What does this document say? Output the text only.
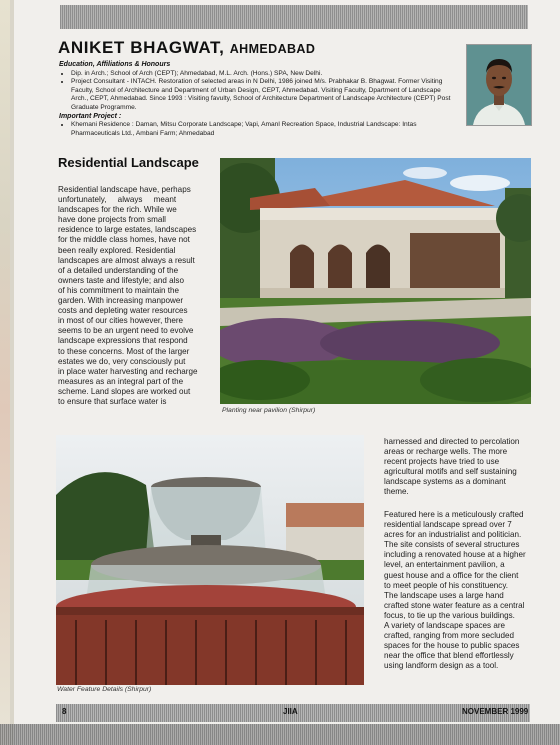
ANIKET BHAGWAT, AHMEDABAD
Education, Affiliations & Honours
• Dip. in Arch.; School of Arch (CEPT); Ahmedabad, M.L. Arch. (Hons.) SPA, New Delhi.
• Project Consultant - INTACH. Restoration of selected areas in N Delhi, 1986 joined M/s. Prabhakar B. Bhagwat. Former Visiting Faculty, School of Architecture and Department of Urban Design, CEPT, Ahmedabad. Visiting Faculty, Dpartment of Landscape Arch., CEPT, Ahmedabad. Since 1993 : Visiting favulty, School of Architecture Department of Landscape Architecture (CEPT) Post Graduate Programme.
Important Project :
• Khemani Residence : Daman, Mitsu Corporate Landscape; Vapi, Amanl Recreation Space, Industrial Landscape: Intas Pharmaceuticals Ltd., Ambani Farm; Ahmedabad
Residential Landscape
Residential landscape have, perhaps
unfortunately,     always     meant
landscapes for the rich. While we
have done projects from small
residence to large estates, landscapes
for the middle class homes, have not
been really explored. Residential
landscapes are almost always a result
of a detailed understanding of the
owners taste and lifestyle; and also
of his commitment to maintain the
garden. With increasing manpower
costs and depleting water resources
in most of our cities however, there
seems to be an urgent need to evolve
landscape expressions that respond
to these concerns. Most of the larger
estates we do, very consciously put
in place water harvesting and recharge
measures as an integral part of the
scheme. Land slopes are worked out
to ensure that surface water is
Planting near pavilion (Shirpur)
Water Feature Details (Shirpur)
harnessed and directed to percolation
areas or recharge wells. The more
recent projects have tried to use
agricultural motifs and self sustaining
landscape systems as a dominant
theme.
Featured here is a meticulously crafted
residential landscape spread over 7
acres for an industrialist and politician.
The site consists of several structures
including a renovated house at a higher
level, an entertainment pavilion, a
guest house and a office for the client
to meet people of his constituency.
The landscape uses a large hand
crafted stone water feature as a central
focus, to tie up the various buildings.
A variety of landscape spaces are
crafted, ranging from more secluded
spaces for the house to public spaces
near the office that blend effortlessly
using landform design as a tool.
8	JIIA	NOVEMBER 1999
